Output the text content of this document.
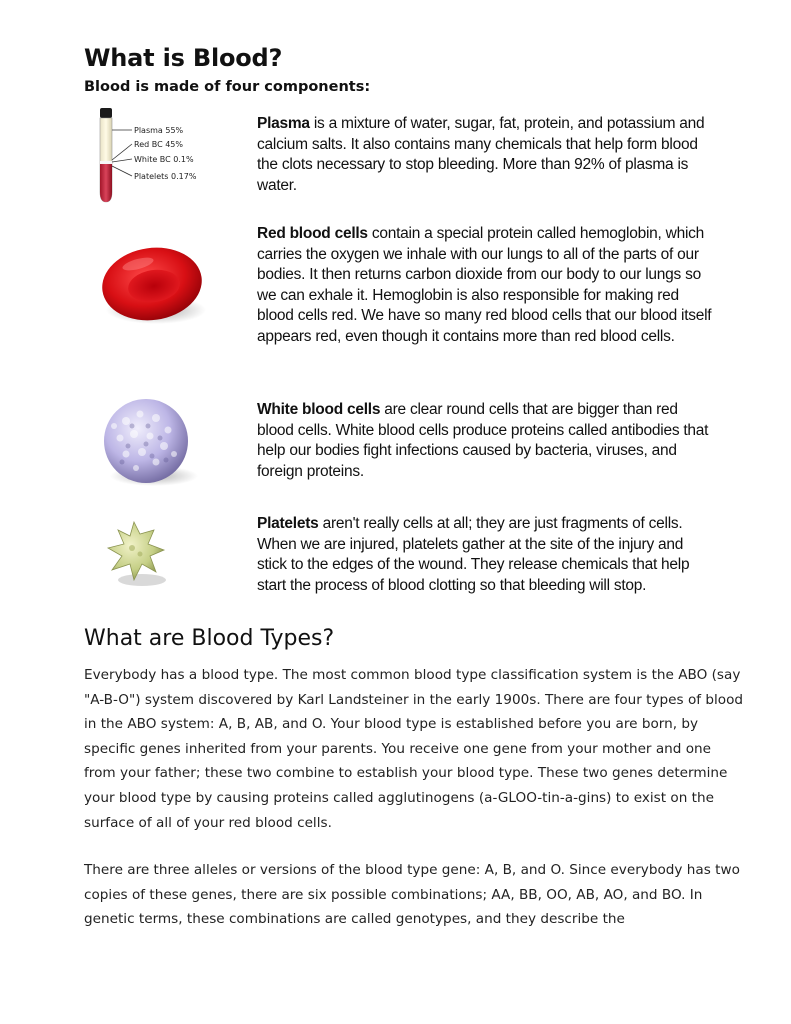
What is Blood?

Blood is made of four components:

Plasma 55%
Red BC 45%
White BC 0.1%
Platelets 0.17%

Plasma is a mixture of water, sugar, fat, protein, and potassium and calcium salts. It also contains many chemicals that help form blood the clots necessary to stop bleeding. More than 92% of plasma is water.

Red blood cells contain a special protein called hemoglobin, which carries the oxygen we inhale with our lungs to all of the parts of our bodies. It then returns carbon dioxide from our body to our lungs so we can exhale it. Hemoglobin is also responsible for making red blood cells red. We have so many red blood cells that our blood itself appears red, even though it contains more than red blood cells.

White blood cells are clear round cells that are bigger than red blood cells. White blood cells produce proteins called antibodies that help our bodies fight infections caused by bacteria, viruses, and foreign proteins.

Platelets aren't really cells at all; they are just fragments of cells. When we are injured, platelets gather at the site of the injury and stick to the edges of the wound. They release chemicals that help start the process of blood clotting so that bleeding will stop.

What are Blood Types?

Everybody has a blood type. The most common blood type classification system is the ABO (say "A-B-O") system discovered by Karl Landsteiner in the early 1900s. There are four types of blood in the ABO system: A, B, AB, and O. Your blood type is established before you are born, by specific genes inherited from your parents. You receive one gene from your mother and one from your father; these two combine to establish your blood type. These two genes determine your blood type by causing proteins called agglutinogens (a-GLOO-tin-a-gins) to exist on the surface of all of your red blood cells.

There are three alleles or versions of the blood type gene: A, B, and O. Since everybody has two copies of these genes, there are six possible combinations; AA, BB, OO, AB, AO, and BO. In genetic terms, these combinations are called genotypes, and they describe the
